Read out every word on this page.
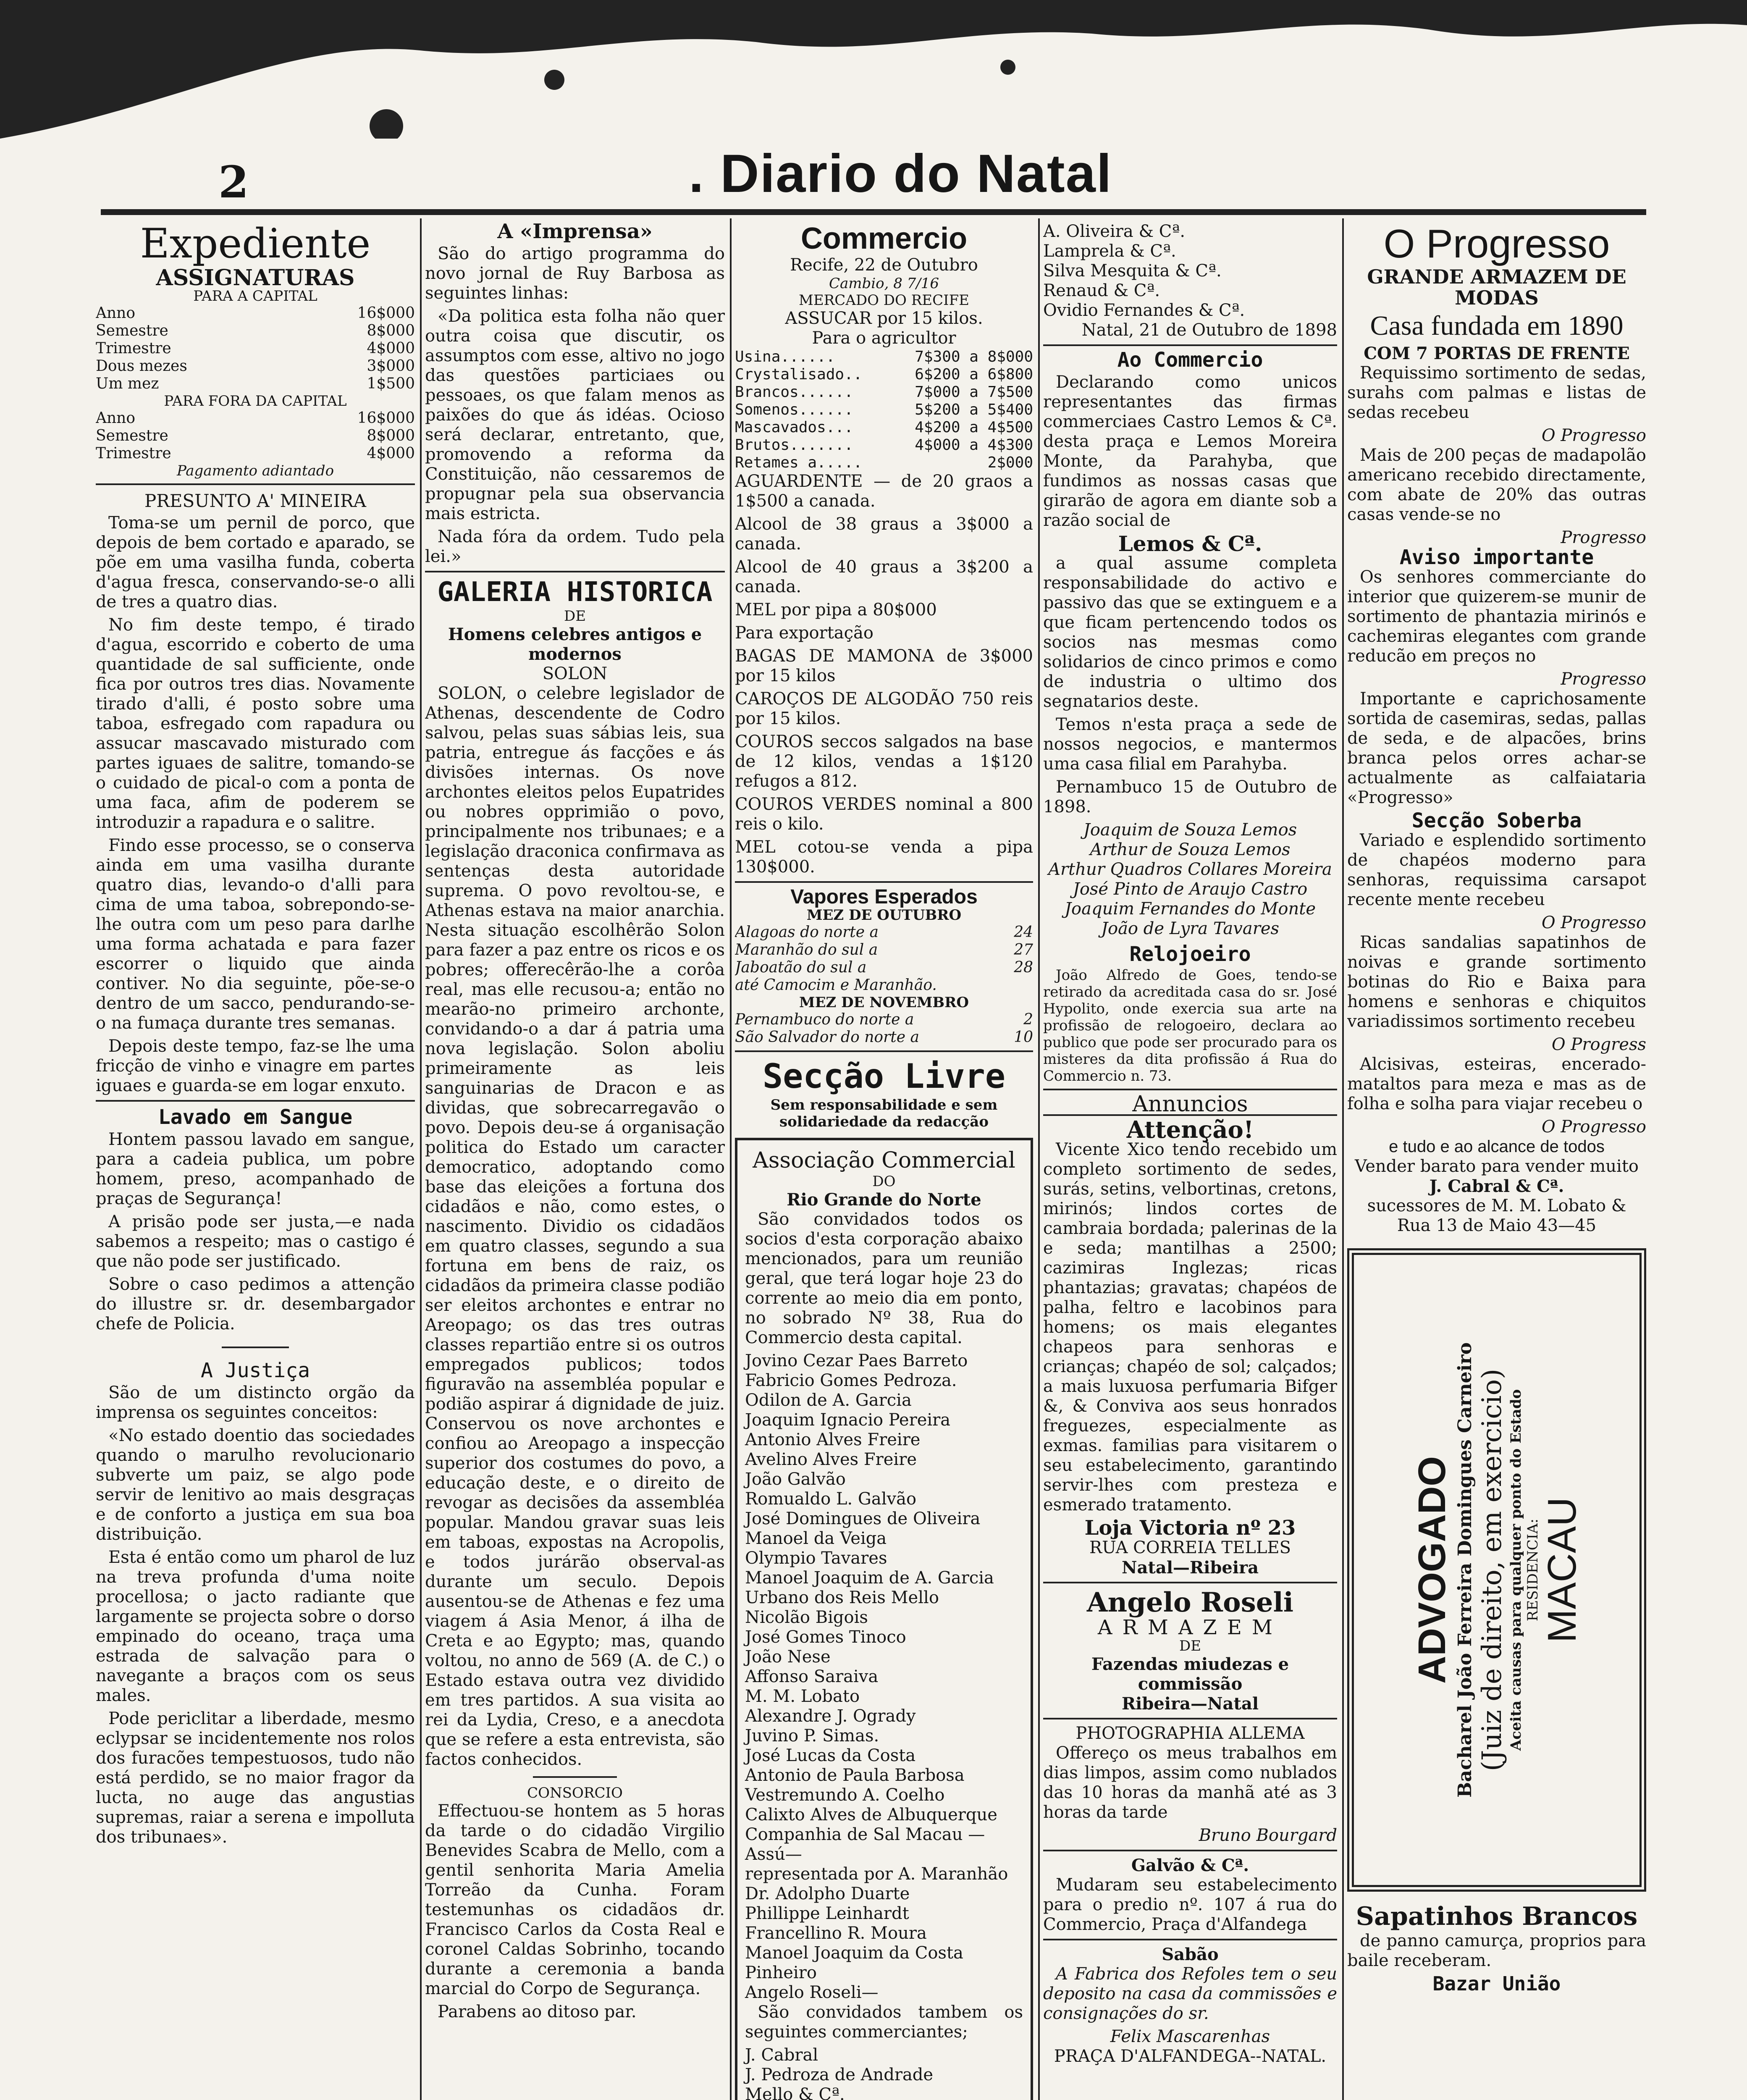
2	. Diario do Natal
Expediente
ASSIGNATURAS
PARA A CAPITAL
Anno	16$000
Semestre	8$000
Trimestre	4$000
Dous mezes	3$000
Um mez	1$500
PARA FORA DA CAPITAL
Anno	16$000
Semestre	8$000
Trimestre	4$000
Pagamento adiantado
PRESUNTO A' MINEIRA

Toma-se um pernil de porco, que depois de bem cortado e aparado, se põe em uma vasilha funda, coberta d'agua fresca, conservando-se-o alli de tres a quatro dias.

No fim deste tempo, é tirado d'agua, escorrido e coberto de uma quantidade de sal sufficiente, onde fica por outros tres dias. Novamente tirado d'alli, é posto sobre uma taboa, esfregado com rapadura ou assucar mascavado misturado com partes iguaes de salitre, tomando-se o cuidado de pical-o com a ponta de uma faca, afim de poderem se introduzir a rapadura e o salitre.

Findo esse processo, se o conserva ainda em uma vasilha durante quatro dias, levando-o d'alli para cima de uma taboa, sobrepondo-se-lhe outra com um peso para darlhe uma forma achatada e para fazer escorrer o liquido que ainda contiver. No dia seguinte, põe-se-o dentro de um sacco, pendurando-se-o na fumaça durante tres semanas.

Depois deste tempo, faz-se lhe uma fricção de vinho e vinagre em partes iguaes e guarda-se em logar enxuto.

Lavado em Sangue

Hontem passou lavado em sangue, para a cadeia publica, um pobre homem, preso, acompanhado de praças de Segurança!

A prisão pode ser justa,—e nada sabemos a respeito; mas o castigo é que não pode ser justificado.

Sobre o caso pedimos a attenção do illustre sr. dr. desembargador chefe de Policia.

A Justiça

São de um distincto orgão da imprensa os seguintes conceitos:

«No estado doentio das sociedades quando o marulho revolucionario subverte um paiz, se algo pode servir de lenitivo ao mais desgraças e de conforto a justiça em sua boa distribuição.

Esta é então como um pharol de luz na treva profunda d'uma noite procellosa; o jacto radiante que largamente se projecta sobre o dorso empinado do oceano, traça uma estrada de salvação para o navegante a braços com os seus males.

Pode periclitar a liberdade, mesmo eclypsar se incidentemente nos rolos dos furacões tempestuosos, tudo não está perdido, se no maior fragor da lucta, no auge das angustias supremas, raiar a serena e impolluta dos tribunaes».

A «Imprensa»

São do artigo programma do novo jornal de Ruy Barbosa as seguintes linhas:

«Da politica esta folha não quer outra coisa que discutir, os assumptos com esse, altivo no jogo das questões particiaes ou pessoaes, os que falam menos as paixões do que ás idéas. Ocioso será declarar, entretanto, que, promovendo a reforma da Constituição, não cessaremos de propugnar pela sua observancia mais estricta.

Nada fóra da ordem. Tudo pela lei.»

GALERIA HISTORICA
DE
Homens celebres antigos e modernos
SOLON

SOLON, o celebre legislador de Athenas, descendente de Codro salvou, pelas suas sábias leis, sua patria, entregue ás facções e ás divisões internas. Os nove archontes eleitos pelos Eupatrides ou nobres opprimião o povo, principalmente nos tribunaes; e a legislação draconica confirmava as sentenças desta autoridade suprema. O povo revoltou-se, e Athenas estava na maior anarchia. Nesta situação escolhêrão Solon para fazer a paz entre os ricos e os pobres; offerecêrão-lhe a corôa real, mas elle recusou-a; então no mearão-no primeiro archonte, convidando-o a dar á patria uma nova legislação. Solon aboliu primeiramente as leis sanguinarias de Dracon e as dividas, que sobrecarregavão o povo. Depois deu-se á organisação politica do Estado um caracter democratico, adoptando como base das eleições a fortuna dos cidadãos e não, como estes, o nascimento. Dividio os cidadãos em quatro classes, segundo a sua fortuna em bens de raiz, os cidadãos da primeira classe podião ser eleitos archontes e entrar no Areopago; os das tres outras classes repartião entre si os outros empregados publicos; todos figuravão na assembléa popular e podião aspirar á dignidade de juiz. Conservou os nove archontes e confiou ao Areopago a inspecção superior dos costumes do povo, a educação deste, e o direito de revogar as decisões da assembléa popular. Mandou gravar suas leis em taboas, expostas na Acropolis, e todos jurárão observal-as durante um seculo. Depois ausentou-se de Athenas e fez uma viagem á Asia Menor, á ilha de Creta e ao Egypto; mas, quando voltou, no anno de 569 (A. de C.) o Estado estava outra vez dividido em tres partidos. A sua visita ao rei da Lydia, Creso, e a anecdota que se refere a esta entrevista, são factos conhecidos.

CONSORCIO

Effectuou-se hontem as 5 horas da tarde o do cidadão Virgilio Benevides Scabra de Mello, com a gentil senhorita Maria Amelia Torreão da Cunha. Foram testemunhas os cidadãos dr. Francisco Carlos da Costa Real e coronel Caldas Sobrinho, tocando durante a ceremonia a banda marcial do Corpo de Segurança.

Parabens ao ditoso par.

Commercio
Recife, 22 de Outubro
Cambio, 8 7/16
MERCADO DO RECIFE
ASSUCAR por 15 kilos.
Para o agricultor
Usina......	7$300 a 8$000
Crystalisado..	6$200 a 6$800
Brancos......	7$000 a 7$500
Somenos......	5$200 a 5$400
Mascavados...	4$200 a 4$500
Brutos.......	4$000 a 4$300
Retames a.....	2$000

AGUARDENTE — de 20 graos a 1$500 a canada.

Alcool de 38 graus a 3$000 a canada.

Alcool de 40 graus a 3$200 a canada.

MEL por pipa a 80$000

Para exportação

BAGAS DE MAMONA de 3$000 por 15 kilos

CAROÇOS DE ALGODÃO 750 reis por 15 kilos.

COUROS seccos salgados na base de 12 kilos, vendas a 1$120 refugos a 812.

COUROS VERDES nominal a 800 reis o kilo.

MEL cotou-se venda a pipa 130$000.

Vapores Esperados
MEZ DE OUTUBRO
Alagoas do norte a	24
Maranhão do sul a	27
Jaboatão do sul a	28
até Camocim e Maranhão.	
MEZ DE NOVEMBRO
Pernambuco do norte a	2
São Salvador do norte a	10
Secção Livre
Sem responsabilidade e sem solidariedade da redacção
Associação Commercial
DO
Rio Grande do Norte

São convidados todos os socios d'esta corporação abaixo mencionados, para um reunião geral, que terá logar hoje 23 do corrente ao meio dia em ponto, no sobrado Nº 38, Rua do Commercio desta capital.

Jovino Cezar Paes Barreto
Fabricio Gomes Pedroza.
Odilon de A. Garcia
Joaquim Ignacio Pereira
Antonio Alves Freire
Avelino Alves Freire
João Galvão
Romualdo L. Galvão
José Domingues de Oliveira
Manoel da Veiga
Olympio Tavares
Manoel Joaquim de A. Garcia
Urbano dos Reis Mello
Nicolão Bigois
José Gomes Tinoco
João Nese
Affonso Saraiva
M. M. Lobato
Alexandre J. Ogrady
Juvino P. Simas.
José Lucas da Costa
Antonio de Paula Barbosa
Vestremundo A. Coelho
Calixto Alves de Albuquerque
Companhia de Sal Macau — Assú—
representada por A. Maranhão
Dr. Adolpho Duarte
Phillippe Leinhardt
Francellino R. Moura
Manoel Joaquim da Costa Pinheiro
Angelo Roseli—

São convidados tambem os seguintes commerciantes;

J. Cabral
J. Pedroza de Andrade
Mello & Cª.
A. Oliveira & Cª.
Lamprela & Cª.
Silva Mesquita & Cª.
Renaud & Cª.
Ovidio Fernandes & Cª.
Natal, 21 de Outubro de 1898
Ao Commercio

Declarando como unicos representantes das firmas commerciaes Castro Lemos & Cª. desta praça e Lemos Moreira Monte, da Parahyba, que fundimos as nossas casas que girarão de agora em diante sob a razão social de

Lemos & Cª.

a qual assume completa responsabilidade do activo e passivo das que se extinguem e a que ficam pertencendo todos os socios nas mesmas como solidarios de cinco primos e como de industria o ultimo dos segnatarios deste.

Temos n'esta praça a sede de nossos negocios, e mantermos uma casa filial em Parahyba.

Pernambuco 15 de Outubro de 1898.

Joaquim de Souza Lemos
Arthur de Souza Lemos
Arthur Quadros Collares Moreira
José Pinto de Araujo Castro
Joaquim Fernandes do Monte
João de Lyra Tavares
Relojoeiro

João Alfredo de Goes, tendo-se retirado da acreditada casa do sr. José Hypolito, onde exercia sua arte na profissão de relogoeiro, declara ao publico que pode ser procurado para os misteres da dita profissão á Rua do Commercio n. 73.

Annuncios
Attenção!

Vicente Xico tendo recebido um completo sortimento de sedes, surás, setins, velbortinas, cretons, mirinós; lindos cortes de cambraia bordada; palerinas de la e seda; mantilhas a 2500; cazimiras Inglezas; ricas phantazias; gravatas; chapéos de palha, feltro e lacobinos para homens; os mais elegantes chapeos para senhoras e crianças; chapéo de sol; calçados; a mais luxuosa perfumaria Bifger &, & Conviva aos seus honrados freguezes, especialmente as exmas. familias para visitarem o seu estabelecimento, garantindo servir-lhes com presteza e esmerado tratamento.

Loja Victoria nº 23
RUA CORREIA TELLES
Natal—Ribeira
Angelo Roseli
ARMAZEM
DE
Fazendas miudezas e commissão
Ribeira—Natal
PHOTOGRAPHIA ALLEMA

Offereço os meus trabalhos em dias limpos, assim como nublados das 10 horas da manhã até as 3 horas da tarde

Bruno Bourgard
Galvão & Cª.

Mudaram seu estabelecimento para o predio nº. 107 á rua do Commercio, Praça d'Alfandega

Sabão

A Fabrica dos Refoles tem o seu deposito na casa da commissões e consignações do sr.

Felix Mascarenhas
PRAÇA D'ALFANDEGA--NATAL.
O Progresso
GRANDE ARMAZEM DE MODAS
Casa fundada em 1890
COM 7 PORTAS DE FRENTE

Requissimo sortimento de sedas, surahs com palmas e listas de sedas recebeu

O Progresso

Mais de 200 peças de madapolão americano recebido directamente, com abate de 20% das outras casas vende-se no

Progresso
Aviso importante

Os senhores commerciante do interior que quizerem-se munir de sortimento de phantazia mirinós e cachemiras elegantes com grande reducão em preços no

Progresso

Importante e caprichosamente sortida de casemiras, sedas, pallas de seda, e de alpacões, brins branca pelos orres achar-se actualmente as calfaiataria «Progresso»

Secção Soberba

Variado e esplendido sortimento de chapéos moderno para senhoras, requissima carsapot recente mente recebeu

O Progresso

Ricas sandalias sapatinhos de noivas e grande sortimento botinas do Rio e Baixa para homens e senhoras e chiquitos variadissimos sortimento recebeu

O Progress

Alcisivas, esteiras, encerado-mataltos para meza e mas as de folha e solha para viajar recebeu o

O Progresso
e tudo e ao alcance de todos
Vender barato para vender muito
J. Cabral & Cª.
sucessores de M. M. Lobato &
Rua 13 de Maio 43—45
ADVOGADO Bacharel João Ferreira Domingues Carneiro (Juiz de direito, em exercicio) Aceita causas para qualquer ponto do Estado RESIDENCIA:
MACAU
Sapatinhos Brancos

de panno camurça, proprios para baile receberam.

Bazar União
